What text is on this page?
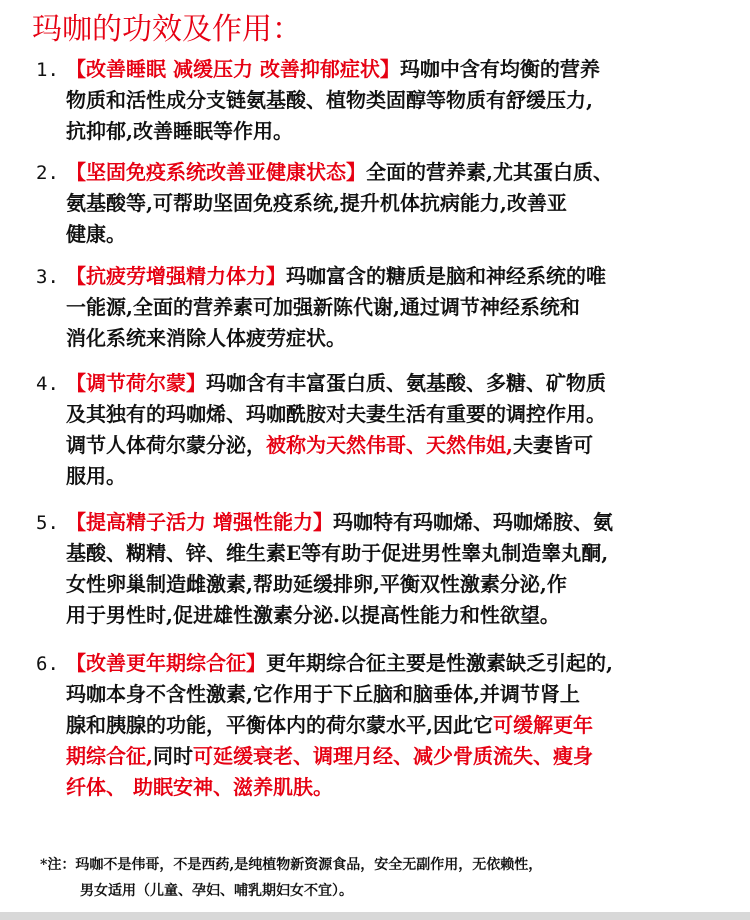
玛咖的功效及作用：
1. 【改善睡眠 减缓压力 改善抑郁症状】玛咖中含有均衡的营养
物质和活性成分支链氨基酸、植物类固醇等物质有舒缓压力,
抗抑郁,改善睡眠等作用。
2. 【坚固免疫系统改善亚健康状态】全面的营养素,尤其蛋白质、
氨基酸等,可帮助坚固免疫系统,提升机体抗病能力,改善亚
健康。
3. 【抗疲劳增强精力体力】玛咖富含的糖质是脑和神经系统的唯
一能源,全面的营养素可加强新陈代谢,通过调节神经系统和
消化系统来消除人体疲劳症状。
4. 【调节荷尔蒙】玛咖含有丰富蛋白质、氨基酸、多糖、矿物质
及其独有的玛咖烯、玛咖酰胺对夫妻生活有重要的调控作用。
调节人体荷尔蒙分泌，被称为天然伟哥、天然伟姐,夫妻皆可
服用。
5. 【提高精子活力 增强性能力】玛咖特有玛咖烯、玛咖烯胺、氨
基酸、糊精、锌、维生素E等有助于促进男性睾丸制造睾丸酮,
女性卵巢制造雌激素,帮助延缓排卵,平衡双性激素分泌,作
用于男性时,促进雄性激素分泌.以提高性能力和性欲望。
6. 【改善更年期综合征】更年期综合征主要是性激素缺乏引起的,
玛咖本身不含性激素,它作用于下丘脑和脑垂体,并调节肾上
腺和胰腺的功能，平衡体内的荷尔蒙水平,因此它可缓解更年
期综合征,同时可延缓衰老、调理月经、减少骨质流失、瘦身
纤体、 助眠安神、滋养肌肤。
*注：玛咖不是伟哥，不是西药,是纯植物新资源食品，安全无副作用，无依赖性，
男女适用（儿童、孕妇、哺乳期妇女不宜）。
